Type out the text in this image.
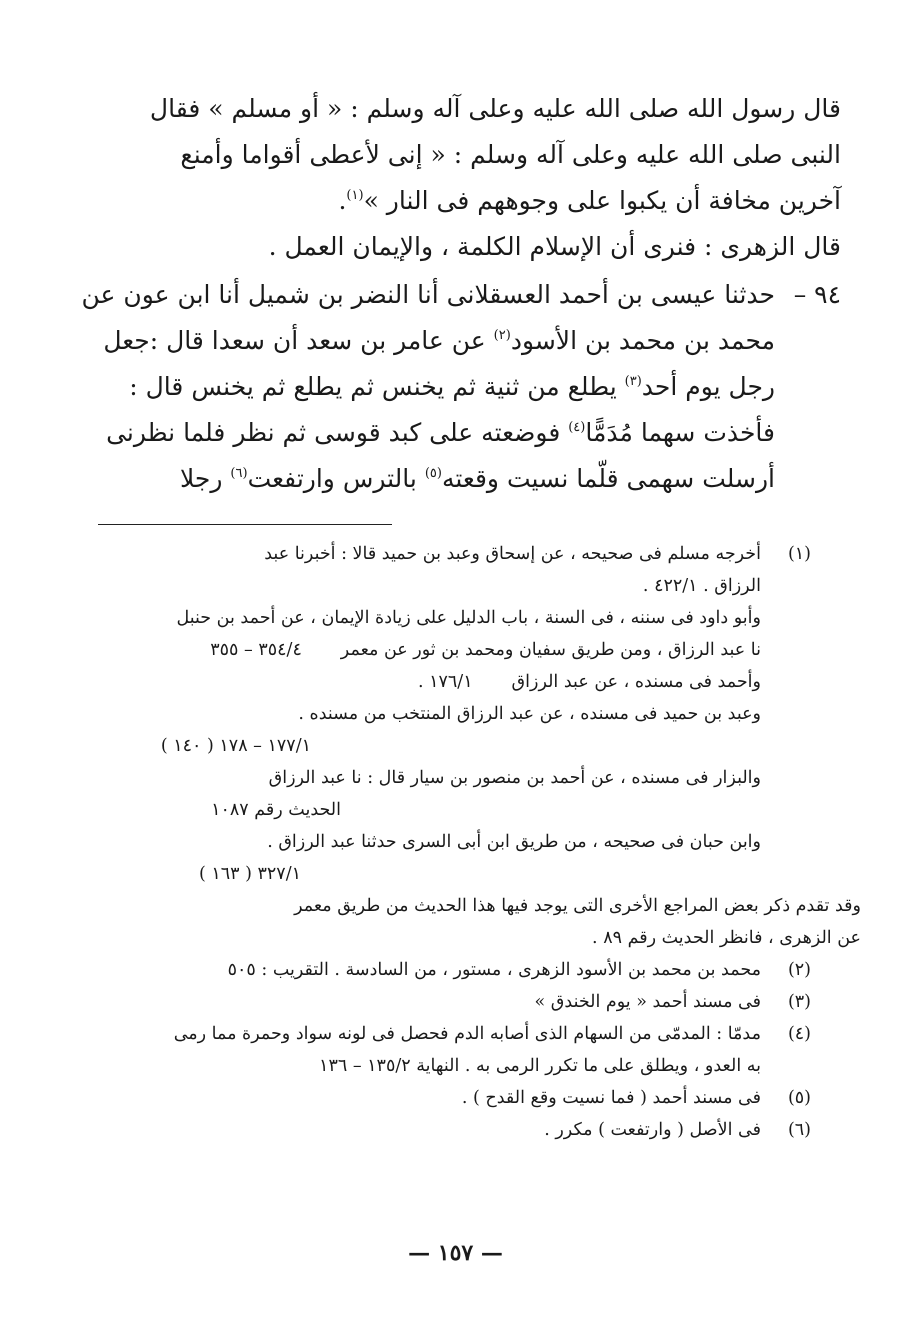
قال رسول الله صلى الله عليه وعلى آله وسلم : « أو مسلم » فقال
النبى صلى الله عليه وعلى آله وسلم : « إنى لأعطى أقواما وأمنع
آخرين مخافة أن يكبوا على وجوههم فى النار »$^{(١)}$.

قال الزهرى : فنرى أن الإسلام الكلمة ، والإيمان العمل .

٩٤ –
حدثنا عيسى بن أحمد العسقلانى أنا النضر بن شميل أنا ابن عون عن
محمد بن محمد بن الأسود$^{(٢)}$ عن عامر بن سعد أن سعدا قال :جعل
رجل يوم أحد$^{(٣)}$ يطلع من ثنية ثم يخنس ثم يطلع ثم يخنس قال :
فأخذت سهما مُدَمًّا$^{(٤)}$ فوضعته على كبد قوسى ثم نظر فلما نظرنى
أرسلت سهمى قلّما نسيت وقعته$^{(٥)}$ بالترس وارتفعت$^{(٦)}$ رجلا

(١)
أخرجه مسلم فى صحيحه ، عن إسحاق وعبد بن حميد قالا : أخبرنا عبد
الرزاق . ٤٢٢/١ .
وأبو داود فى سننه ، فى السنة ، باب الدليل على زيادة الإيمان ، عن أحمد بن حنبل
نا عبد الرزاق ، ومن طريق سفيان ومحمد بن ثور عن معمر       ٣٥٤/٤ – ٣٥٥
وأحمد فى مسنده ، عن عبد الرزاق       ١٧٦/١ .
وعبد بن حميد فى مسنده ، عن عبد الرزاق المنتخب من مسنده .
١٧٧/١ – ١٧٨ ( ١٤٠ )
والبزار فى مسنده ، عن أحمد بن منصور بن سيار قال : نا عبد الرزاق
الحديث رقم ١٠٨٧
وابن حبان فى صحيحه ، من طريق ابن أبى السرى حدثنا عبد الرزاق .
٣٢٧/١ ( ١٦٣ )
وقد تقدم ذكر بعض المراجع الأخرى التى يوجد فيها هذا الحديث من طريق معمر
عن الزهرى ، فانظر الحديث رقم ٨٩ .
(٢)
محمد بن محمد بن الأسود الزهرى ، مستور ، من السادسة . التقريب : ٥٠٥
(٣)
فى مسند أحمد « يوم الخندق »
(٤)
مدمّا : المدمّى من السهام الذى أصابه الدم فحصل فى لونه سواد وحمرة مما رمى
به العدو ، ويطلق على ما تكرر الرمى به . النهاية ١٣٥/٢ – ١٣٦
(٥)
فى مسند أحمد ( فما نسيت وقع القدح ) .
(٦)
فى الأصل ( وارتفعت ) مكرر .
— ١٥٧ —
